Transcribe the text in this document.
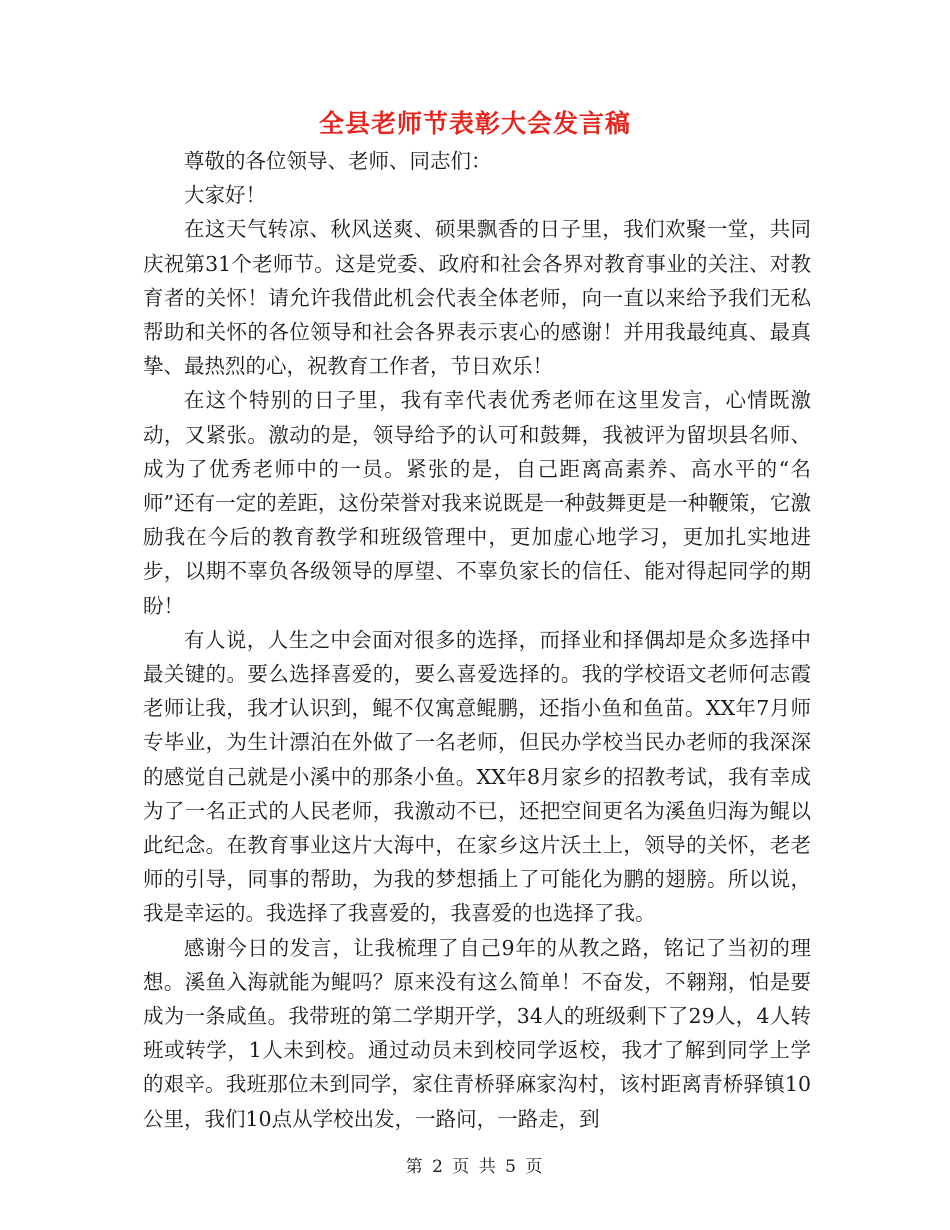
全县老师节表彰大会发言稿

尊敬的各位领导、老师、同志们：

大家好！

在这天气转凉、秋风送爽、硕果飘香的日子里，我们欢聚一堂，共同庆祝第31个老师节。这是党委、政府和社会各界对教育事业的关注、对教育者的关怀！请允许我借此机会代表全体老师，向一直以来给予我们无私帮助和关怀的各位领导和社会各界表示衷心的感谢！并用我最纯真、最真挚、最热烈的心，祝教育工作者，节日欢乐！

在这个特别的日子里，我有幸代表优秀老师在这里发言，心情既激动，又紧张。激动的是，领导给予的认可和鼓舞，我被评为留坝县名师、成为了优秀老师中的一员。紧张的是，自己距离高素养、高水平的“名师”还有一定的差距，这份荣誉对我来说既是一种鼓舞更是一种鞭策，它激励我在今后的教育教学和班级管理中，更加虚心地学习，更加扎实地进步，以期不辜负各级领导的厚望、不辜负家长的信任、能对得起同学的期盼！

有人说，人生之中会面对很多的选择，而择业和择偶却是众多选择中最关键的。要么选择喜爱的，要么喜爱选择的。我的学校语文老师何志霞老师让我，我才认识到，鲲不仅寓意鲲鹏，还指小鱼和鱼苗。XX年7月师专毕业，为生计漂泊在外做了一名老师，但民办学校当民办老师的我深深的感觉自己就是小溪中的那条小鱼。XX年8月家乡的招教考试，我有幸成为了一名正式的人民老师，我激动不已，还把空间更名为溪鱼归海为鲲以此纪念。在教育事业这片大海中，在家乡这片沃土上，领导的关怀，老老师的引导，同事的帮助，为我的梦想插上了可能化为鹏的翅膀。所以说，我是幸运的。我选择了我喜爱的，我喜爱的也选择了我。

感谢今日的发言，让我梳理了自己9年的从教之路，铭记了当初的理想。溪鱼入海就能为鲲吗？原来没有这么简单！不奋发，不翱翔，怕是要成为一条咸鱼。我带班的第二学期开学，34人的班级剩下了29人，4人转班或转学，1人未到校。通过动员未到校同学返校，我才了解到同学上学的艰辛。我班那位未到同学，家住青桥驿麻家沟村，该村距离青桥驿镇10公里，我们10点从学校出发，一路问，一路走，到

第 2 页 共 5 页
